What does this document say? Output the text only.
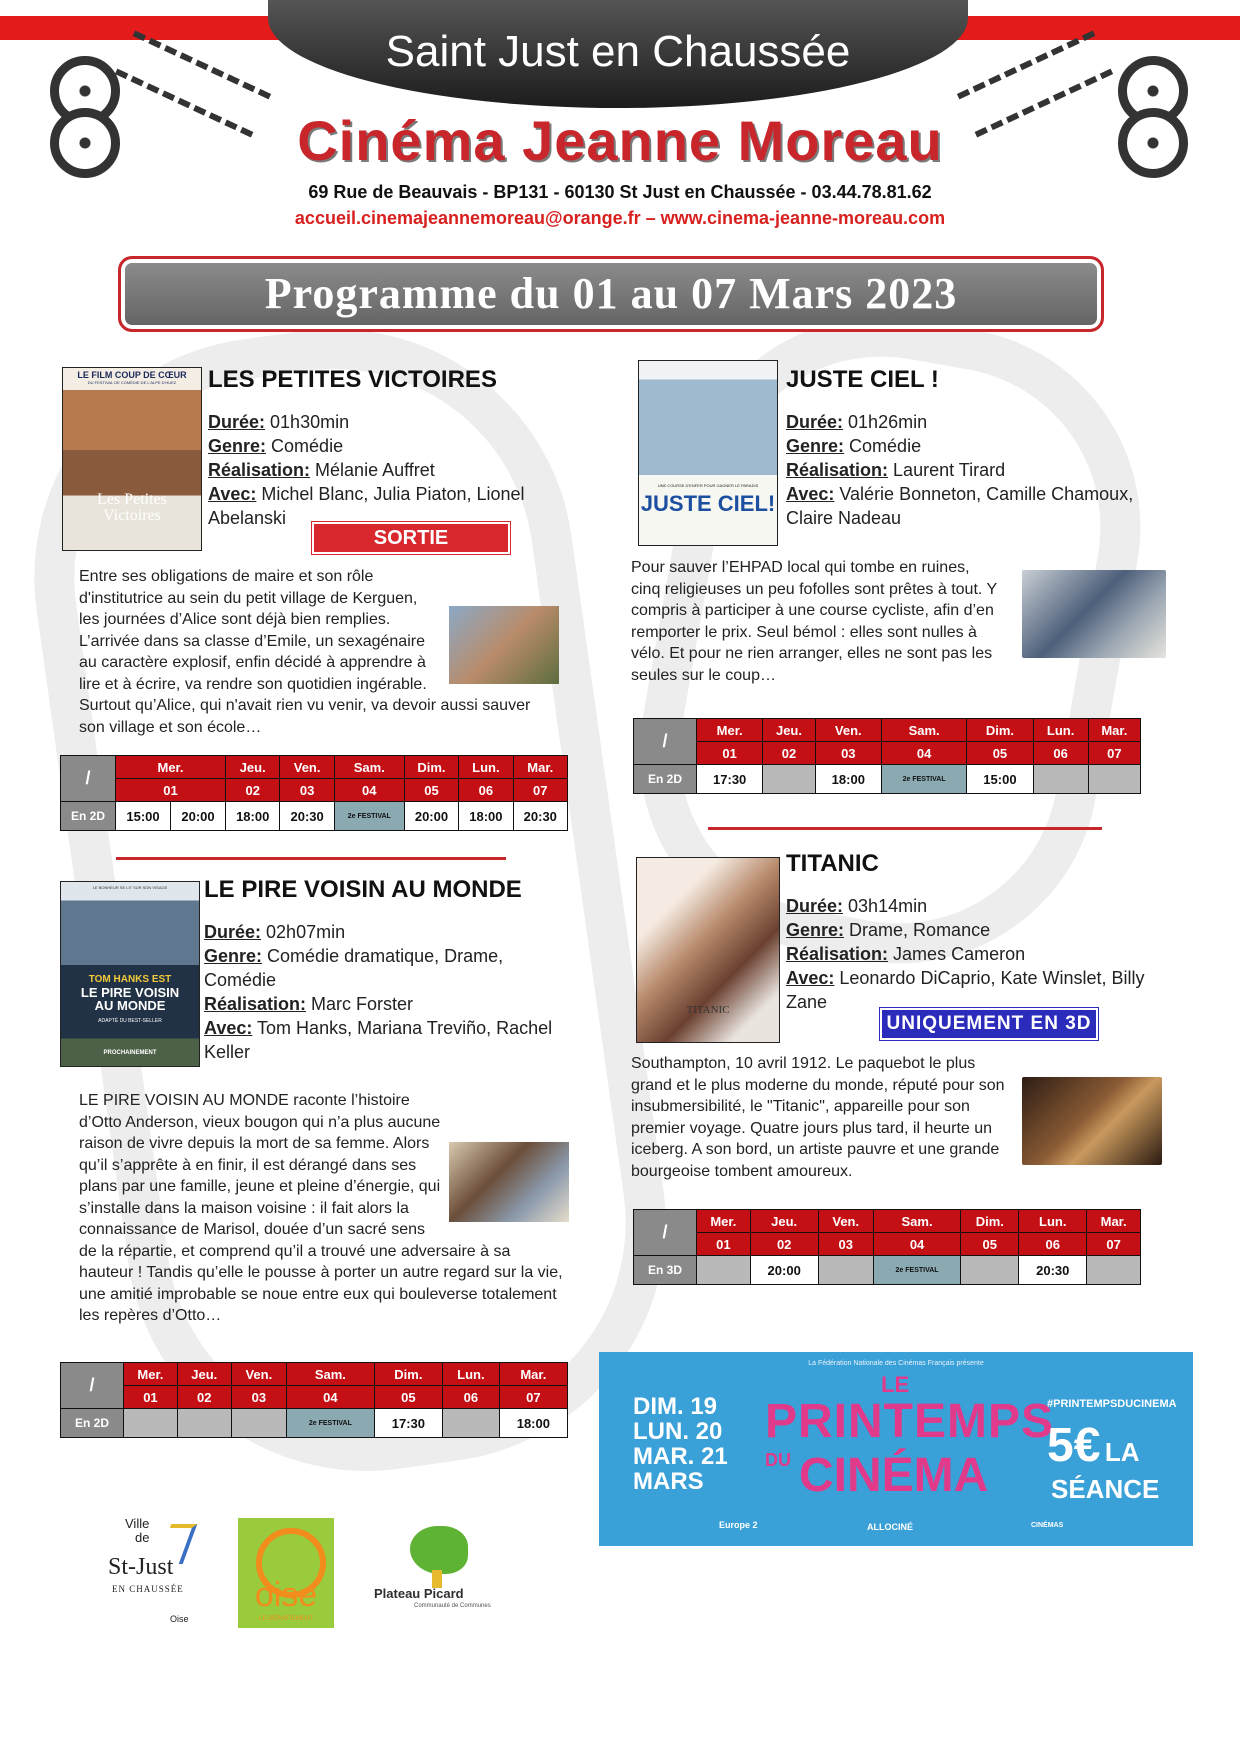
Saint Just en Chaussée
Cinéma Jeanne Moreau
69 Rue de Beauvais - BP131 - 60130 St Just en Chaussée - 03.44.78.81.62
accueil.cinemajeannemoreau@orange.fr – www.cinema-jeanne-moreau.com
Programme du 01 au 07 Mars 2023
LE FILM COUP DE CŒUR
DU FESTIVAL DE COMÉDIE DE L'ALPE D'HUEZ
Les Petites Victoires
LES PETITES VICTOIRES
Durée: 01h30min
Genre: Comédie
Réalisation: Mélanie Auffret
Avec: Michel Blanc, Julia Piaton, Lionel Abelanski
SORTIE NATIONALE
Entre ses obligations de maire et son rôle d'institutrice au sein du petit village de Kerguen, les journées d’Alice sont déjà bien remplies. L’arrivée dans sa classe d’Emile, un sexagénaire au caractère explosif, enfin décidé à apprendre à lire et à écrire, va rendre son quotidien ingérable. Surtout qu’Alice, qui n'avait rien vu venir, va devoir aussi sauver son village et son école…
/	Mer.		Jeu.	Ven.	Sam.	Dim.	Lun.	Mar.
	01		02	03	04	05	06	07
En 2D	15:00	20:00	18:00	20:30	2e FESTIVAL	20:00	18:00	20:30
UNE COURSE D'ENFER POUR GAGNER LE PARADIS
JUSTE CIEL!
JUSTE CIEL !
Durée: 01h26min
Genre: Comédie
Réalisation: Laurent Tirard
Avec: Valérie Bonneton, Camille Chamoux, Claire Nadeau
Pour sauver l’EHPAD local qui tombe en ruines, cinq religieuses un peu fofolles sont prêtes à tout. Y compris à participer à une course cycliste, afin d’en remporter le prix. Seul bémol : elles sont nulles à vélo. Et pour ne rien arranger, elles ne sont pas les seules sur le coup…
/	Mer.	Jeu.	Ven.	Sam.	Dim.	Lun.	Mar.
	01	02	03	04	05	06	07
En 2D	17:30		18:00	2e FESTIVAL	15:00		
LE BONHEUR SE LIT SUR SON VISAGE
TOM HANKS EST
LE PIRE VOISIN AU MONDE
ADAPTÉ DU BEST-SELLER
PROCHAINEMENT
LE PIRE VOISIN AU MONDE
Durée: 02h07min
Genre: Comédie dramatique, Drame, Comédie
Réalisation: Marc Forster
Avec: Tom Hanks, Mariana Treviño, Rachel Keller
LE PIRE VOISIN AU MONDE raconte l’histoire d’Otto Anderson, vieux bougon qui n’a plus aucune raison de vivre depuis la mort de sa femme. Alors qu’il s’apprête à en finir, il est dérangé dans ses plans par une famille, jeune et pleine d’énergie, qui s’installe dans la maison voisine : il fait alors la connaissance de Marisol, douée d’un sacré sens de la répartie, et comprend qu’il a trouvé une adversaire à sa hauteur ! Tandis qu’elle le pousse à porter un autre regard sur la vie, une amitié improbable se noue entre eux qui bouleverse totalement les repères d’Otto…
/	Mer.	Jeu.	Ven.	Sam.	Dim.	Lun.	Mar.
	01	02	03	04	05	06	07
En 2D				2e FESTIVAL	17:30		18:00
TITANIC
TITANIC
Durée: 03h14min
Genre: Drame, Romance
Réalisation: James Cameron
Avec: Leonardo DiCaprio, Kate Winslet, Billy Zane
UNIQUEMENT EN 3D
Southampton, 10 avril 1912. Le paquebot le plus grand et le plus moderne du monde, réputé pour son insubmersibilité, le "Titanic", appareille pour son premier voyage. Quatre jours plus tard, il heurte un iceberg. A son bord, un artiste pauvre et une grande bourgeoise tombent amoureux.
/	Mer.	Jeu.	Ven.	Sam.	Dim.	Lun.	Mar.
	01	02	03	04	05	06	07
En 3D		20:00		2e FESTIVAL		20:30	
La Fédération Nationale des Cinémas Français présente
DIM. 19
LUN. 20
MAR. 21
MARS
LE
PRINTEMPS
DU CINÉMA
#PRINTEMPSDUCINEMA
5€ LA
SÉANCE
Europe 2	ALLOCINÉ	CINÉMAS
Ville
de
St-Just
EN CHAUSSÉE
Oise
oise
LE DÉPARTEMENT
Plateau Picard
Communauté de Communes
